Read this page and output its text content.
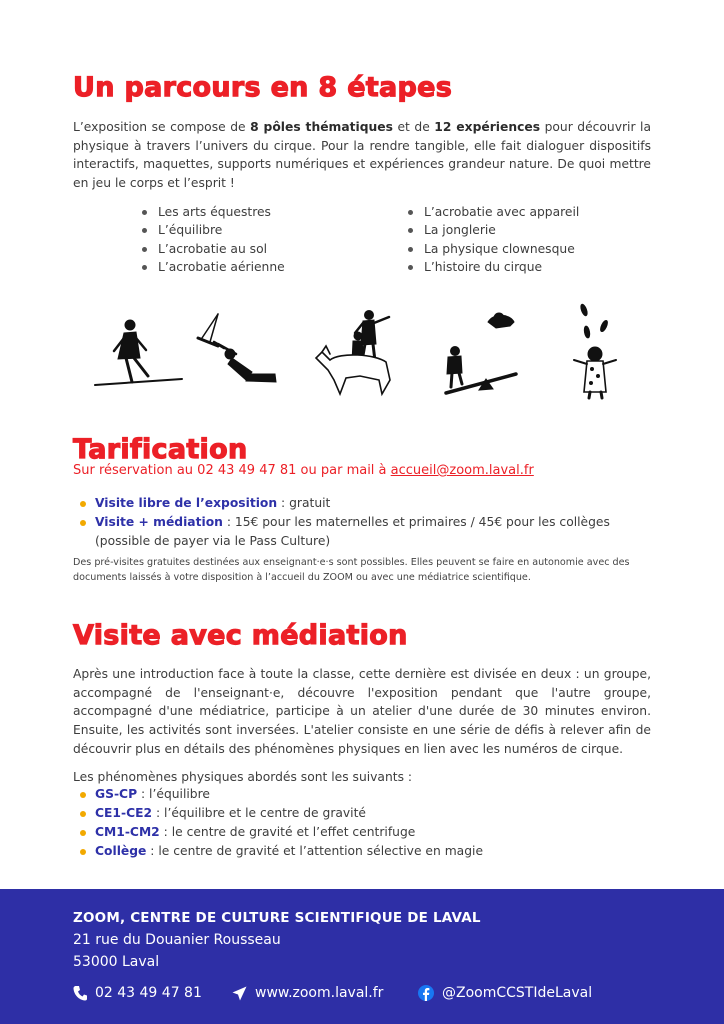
Un parcours en 8 étapes

L’exposition se compose de 8 pôles thématiques et de 12 expériences pour découvrir la physique à travers l’univers du cirque. Pour la rendre tangible, elle fait dialoguer dispositifs interactifs, maquettes, supports numériques et expériences grandeur nature. De quoi mettre en jeu le corps et l’esprit !

Les arts équestres
L’équilibre
L’acrobatie au sol
L’acrobatie aérienne
L’acrobatie avec appareil
La jonglerie
La physique clownesque
L’histoire du cirque
Tarification
Sur réservation au 02 43 49 47 81 ou par mail à accueil@zoom.laval.fr
Visite libre de l’exposition : gratuit
Visite + médiation : 15€ pour les maternelles et primaires / 45€ pour les collèges (possible de payer via le Pass Culture)

Des pré-visites gratuites destinées aux enseignant·e·s sont possibles. Elles peuvent se faire en autonomie avec des documents laissés à votre disposition à l’accueil du ZOOM ou avec une médiatrice scientifique.

Visite avec médiation

Après une introduction face à toute la classe, cette dernière est divisée en deux : un groupe, accompagné de l'enseignant·e, découvre l'exposition pendant que l'autre groupe, accompagné d'une médiatrice, participe à un atelier d'une durée de 30 minutes environ. Ensuite, les activités sont inversées. L'atelier consiste en une série de défis à relever afin de découvrir plus en détails des phénomènes physiques en lien avec les numéros de cirque.

Les phénomènes physiques abordés sont les suivants :

GS-CP : l’équilibre
CE1-CE2 : l’équilibre et le centre de gravité
CM1-CM2 : le centre de gravité et l’effet centrifuge
Collège : le centre de gravité et l’attention sélective en magie
ZOOM, CENTRE DE CULTURE SCIENTIFIQUE DE LAVAL
21 rue du Douanier Rousseau
53000 Laval
02 43 49 47 81	www.zoom.laval.fr	@ZoomCCSTIdeLaval
